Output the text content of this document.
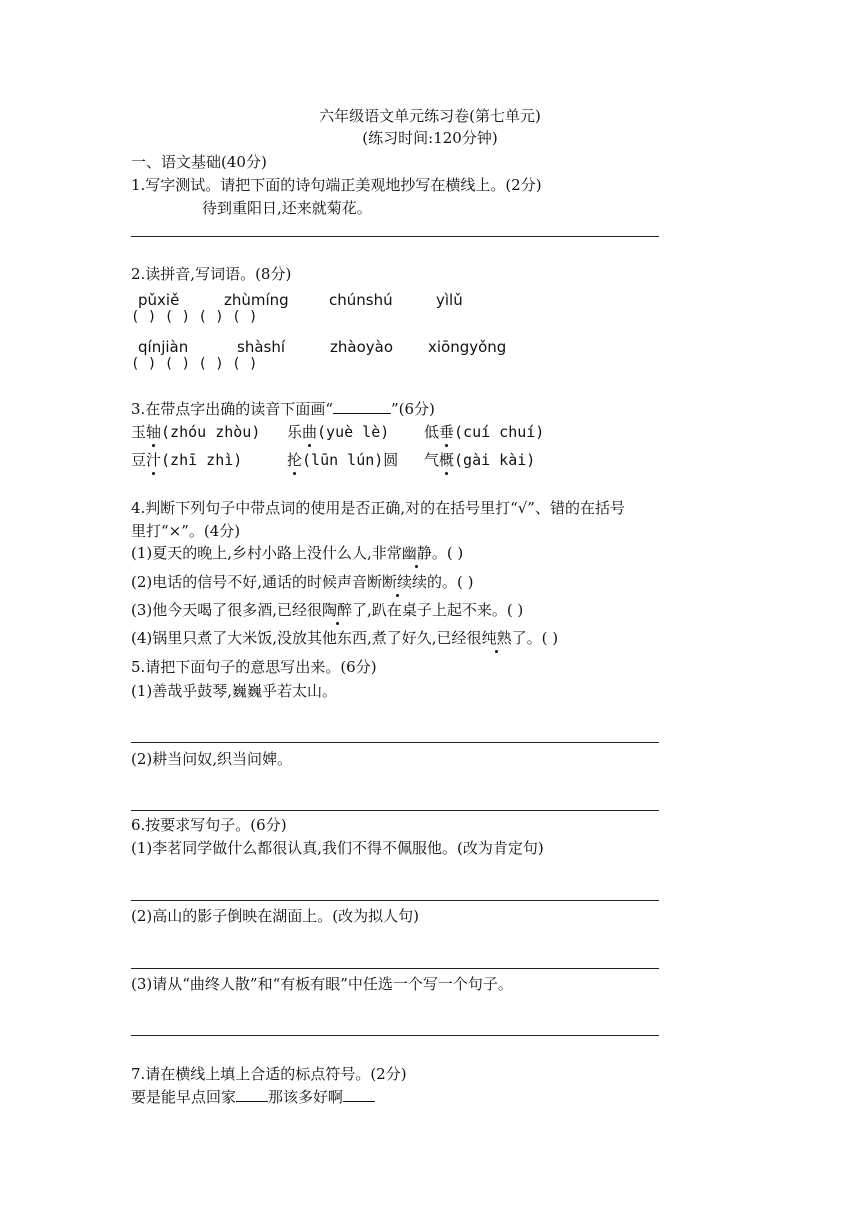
六年级语文单元练习卷(第七单元)
(练习时间:120分钟)
一、语文基础(40分)
1.写字测试。请把下面的诗句端正美观地抄写在横线上。(2分)
待到重阳日,还来就菊花。
2.读拼音,写词语。(8分)
pǔxiě	zhùmíng	chúnshú	yìlǔ
( ) ( ) ( ) ( )
qínjiàn	shàshí	zhàoyào xiōngyǒng
( ) ( ) ( ) ( )
3.在带点字出确的读音下面画“	”(6分)
玉轴(zhóu zhòu) 乐曲(yuè lè) 低垂(cuí chuí)
豆汁(zhī zhì)	抡(lūn lún)圆 气概(gài kài)
4.判断下列句子中带点词的使用是否正确,对的在括号里打“√”、错的在括号
里打“×”。(4分)
(1)夏天的晚上,乡村小路上没什么人,非常幽静。( )
(2)电话的信号不好,通话的时候声音断断续续的。( )
(3)他今天喝了很多酒,已经很陶醉了,趴在桌子上起不来。( )
(4)锅里只煮了大米饭,没放其他东西,煮了好久,已经很纯熟了。( )
5.请把下面句子的意思写出来。(6分)
(1)善哉乎鼓琴,巍巍乎若太山。
(2)耕当问奴,织当问婢。
6.按要求写句子。(6分)
(1)李茗同学做什么都很认真,我们不得不佩服他。(改为肯定句)
(2)高山的影子倒映在湖面上。(改为拟人句)
(3)请从“曲终人散”和“有板有眼”中任选一个写一个句子。
7.请在横线上填上合适的标点符号。(2分)
要是能早点回家 那该多好啊
